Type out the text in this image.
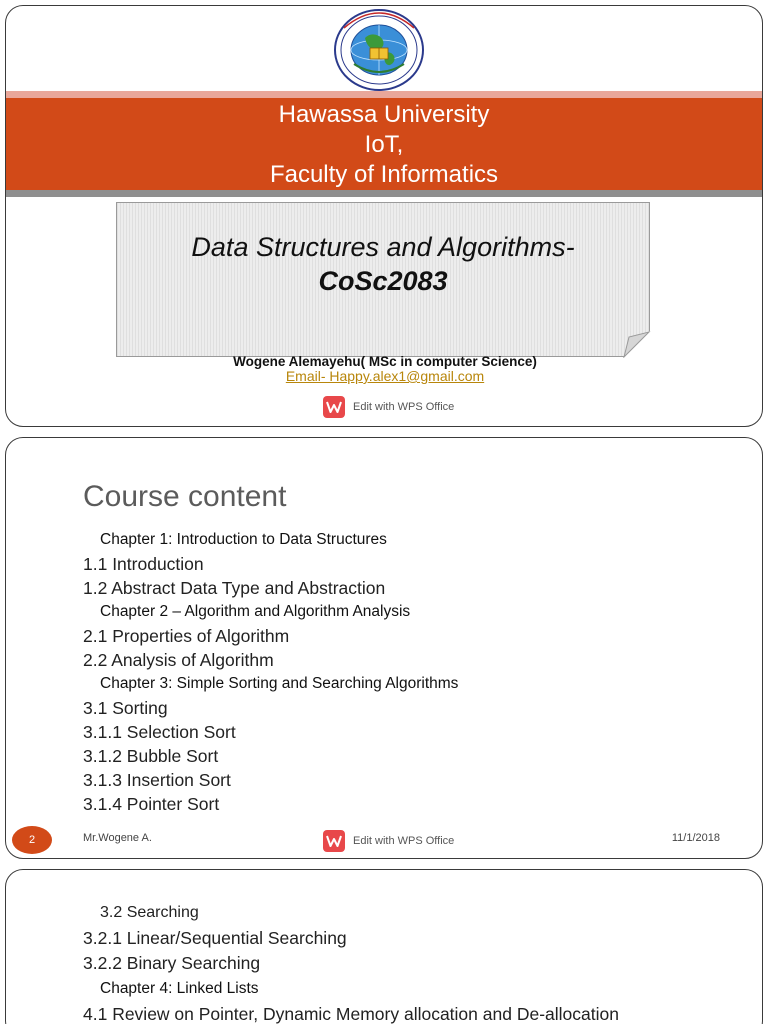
Hawassa University
IoT,
Faculty of Informatics
Data Structures and Algorithms-
CoSc2083
Wogene Alemayehu( MSc in computer Science)
Email- Happy.alex1@gmail.com
Edit with WPS Office
Course content
Chapter 1: Introduction to Data Structures
1.1 Introduction
1.2 Abstract Data Type and Abstraction
Chapter 2 – Algorithm and Algorithm Analysis
2.1 Properties of Algorithm
2.2 Analysis of Algorithm
Chapter 3: Simple Sorting and Searching Algorithms
3.1 Sorting
3.1.1 Selection Sort
3.1.2 Bubble Sort
3.1.3 Insertion Sort
3.1.4 Pointer Sort
2	Mr.Wogene A.	Edit with WPS Office	11/1/2018
3.2 Searching
3.2.1 Linear/Sequential Searching
3.2.2 Binary Searching
Chapter 4: Linked Lists
4.1 Review on Pointer, Dynamic Memory allocation and De-allocation
